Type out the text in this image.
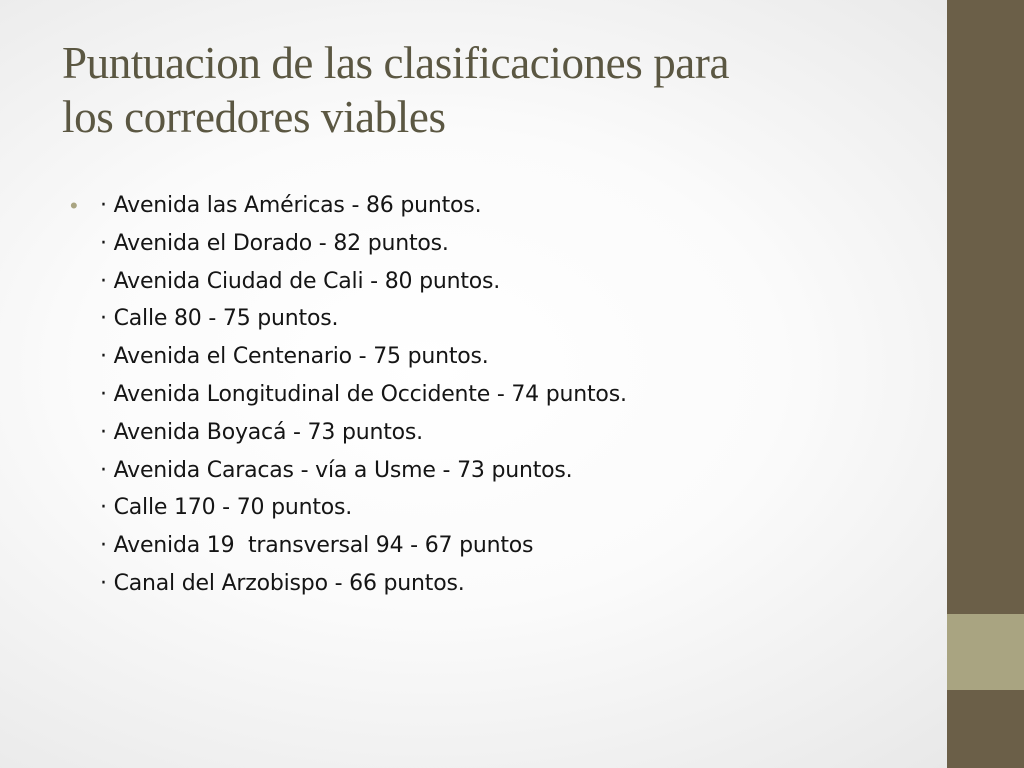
Puntuacion de las clasificaciones para
los corredores viables
• · Avenida las Américas - 86 puntos.
· Avenida el Dorado - 82 puntos.
· Avenida Ciudad de Cali - 80 puntos.
· Calle 80 - 75 puntos.
· Avenida el Centenario - 75 puntos.
· Avenida Longitudinal de Occidente - 74 puntos.
· Avenida Boyacá - 73 puntos.
· Avenida Caracas - vía a Usme - 73 puntos.
· Calle 170 - 70 puntos.
· Avenida 19  transversal 94 - 67 puntos
· Canal del Arzobispo - 66 puntos.
